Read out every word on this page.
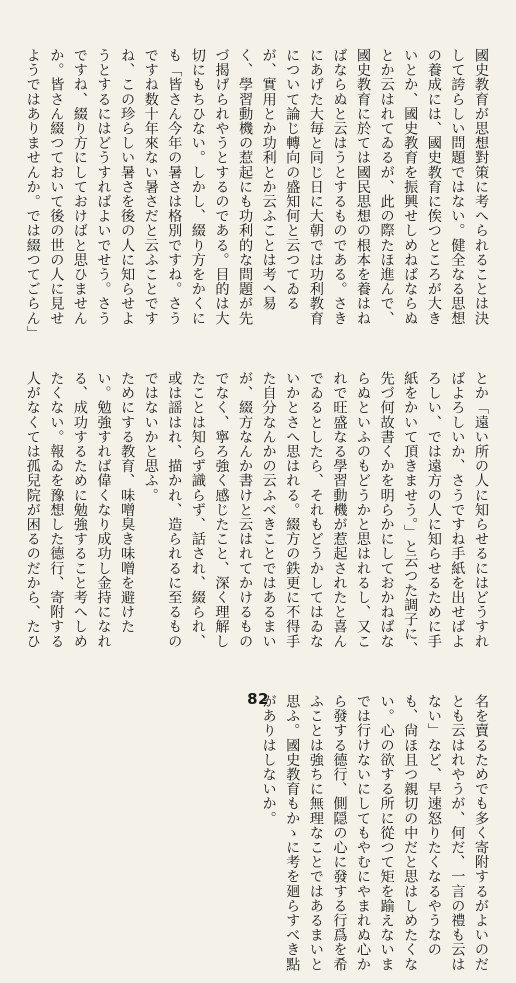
國史教育が思想對策に考へられることは決して誇らしい問題ではない。健全なる思想の養成には、國史教育に俟つところが大きいとか、國史教育を振興せしめねばならぬとか云はれてゐるが、此の際たほ進んで、國史教育に於ては國民思想の根本を養はねばならぬと云はうとするものである。さきにあげた大毎と同じ日に大朝では功利教育について論じ轉向の盛知何と云つてゐるが、實用とか功利とか云ふことは考へ易く、學習動機の惹起にも功利的な問題が先づ揭げられやうとするのである。目的は大切にもちひない。しかし、綴り方をかくにも「皆さん今年の暑さは格別ですね。さうですね数十年來ない暑さだと云ふことですね、この珍らしい暑さを後の人に知らせようとするにはどうすればよいでせう。さうですね、綴り方にしておけばと思ひませんか。皆さん綴つておいて後の世の人に見せようではありませんか。では綴つてごらん」とか「遠い所の人に知らせるにはどうすればよろしいか、さうですね手紙を出せばよろしい、では遠方の人に知らせるために手紙をかいて頂きませう。」と云つた調子に、先づ何故書くかを明らかにしておかねばならぬといふのもどうかと思はれるし、又これで旺盛なる學習動機が惹起されたと喜んでゐるとしたら、それもどうかしてはゐないかとさへ思はれる。綴方の鉄更に不得手た自分なんかの云ふべきことではあるまいが、綴方なんか書けと云はれてかけるものでなく、寧ろ強く感じたこと、深く理解したことは知らず識らず、話され、綴られ、或は謡はれ、描かれ、造られるに至るものではないかと思ふ。

ためにする教育、味噌臭き味噌を避けたい。勉強すれば偉くなり成功し金持になれる、成功するために勉強すること考へしめたくない。報ゐを豫想した德行、寄附する人がなくては孤兒院が困るのだから、たひ名を賣るためでも多く寄附するがよいのだとも云はれやうが、何だ、一言の禮も云はない」など、早速怒りたくなるやうなのも、尙ほ且つ親切の中だと思はしめたくない。心の欲する所に從つて矩を踰えないまでは行けないにしてもやむにやまれぬ心から發する德行、側隠の心に發する行爲を希ふことは強ちに無理なことではあるまいと思ふ。國史教育もかゝに考を廻らすべき點がありはしないか。

82
